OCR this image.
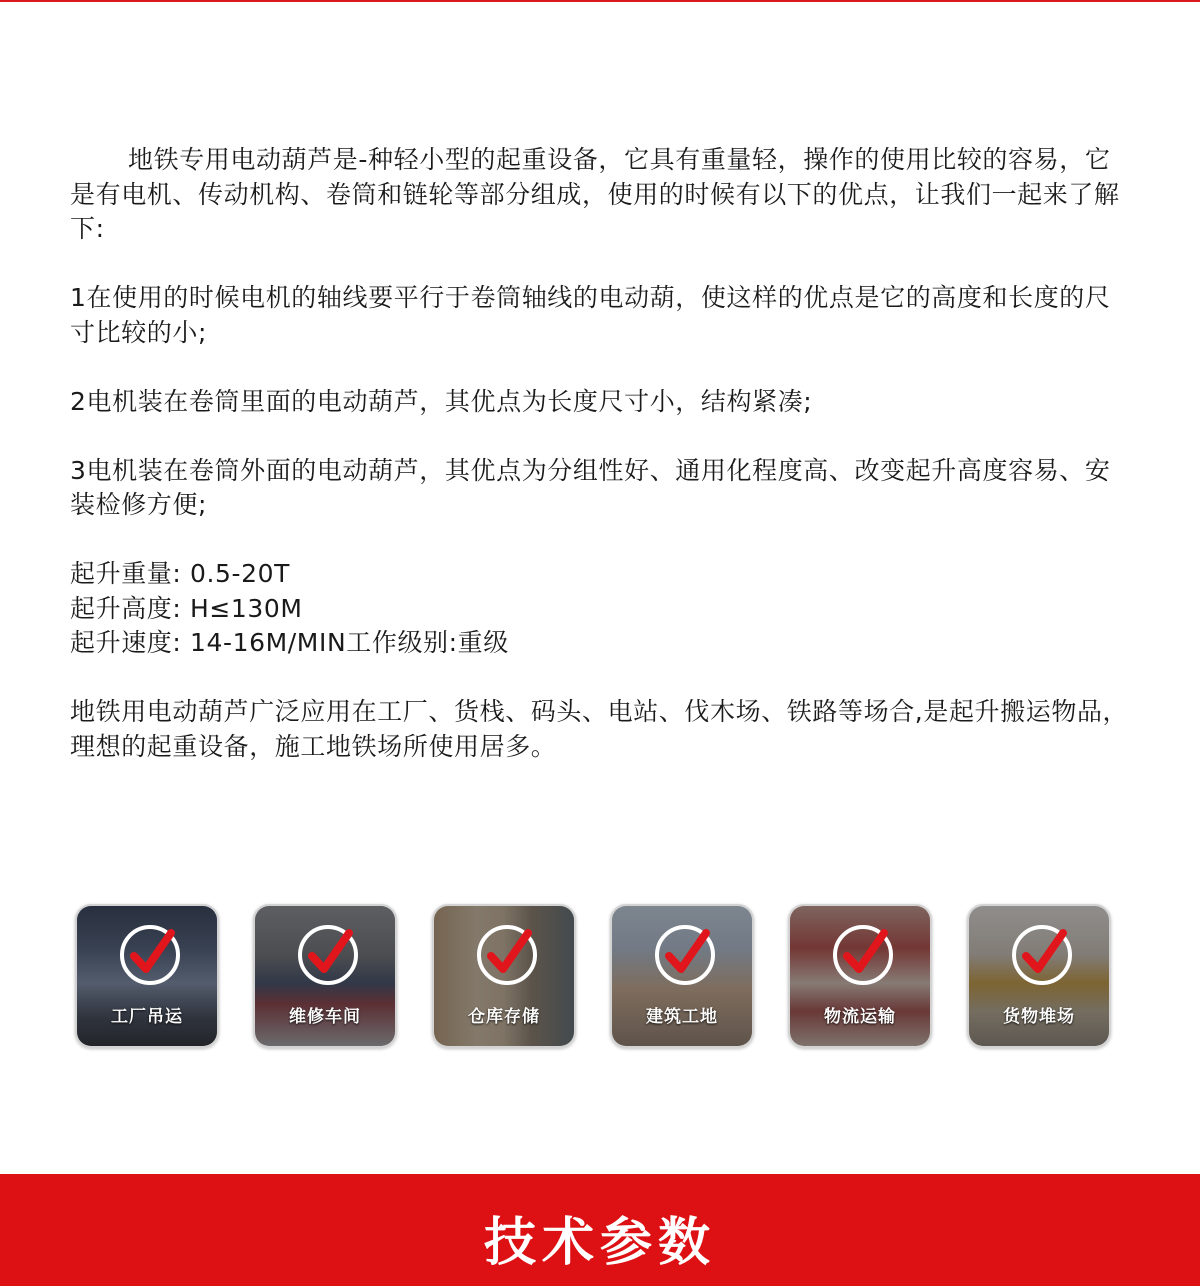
地铁专用电动葫芦是-种轻小型的起重设备，它具有重量轻，操作的使用比较的容易，它是有电机、传动机构、卷筒和链轮等部分组成，使用的时候有以下的优点，让我们一起来了解下:

1在使用的时候电机的轴线要平行于卷筒轴线的电动葫，使这样的优点是它的高度和长度的尺寸比较的小;

2电机装在卷筒里面的电动葫芦，其优点为长度尺寸小，结构紧凑;

3电机装在卷筒外面的电动葫芦，其优点为分组性好、通用化程度高、改变起升高度容易、安装检修方便;

起升重量: 0.5-20T
起升高度: H≤130M
起升速度: 14-16M/MIN工作级别:重级

地铁用电动葫芦广泛应用在工厂、货栈、码头、电站、伐木场、铁路等场合,是起升搬运物品，理想的起重设备，施工地铁场所使用居多。

工厂吊运	维修车间	仓库存储	建筑工地	物流运输	货物堆场
技术参数
